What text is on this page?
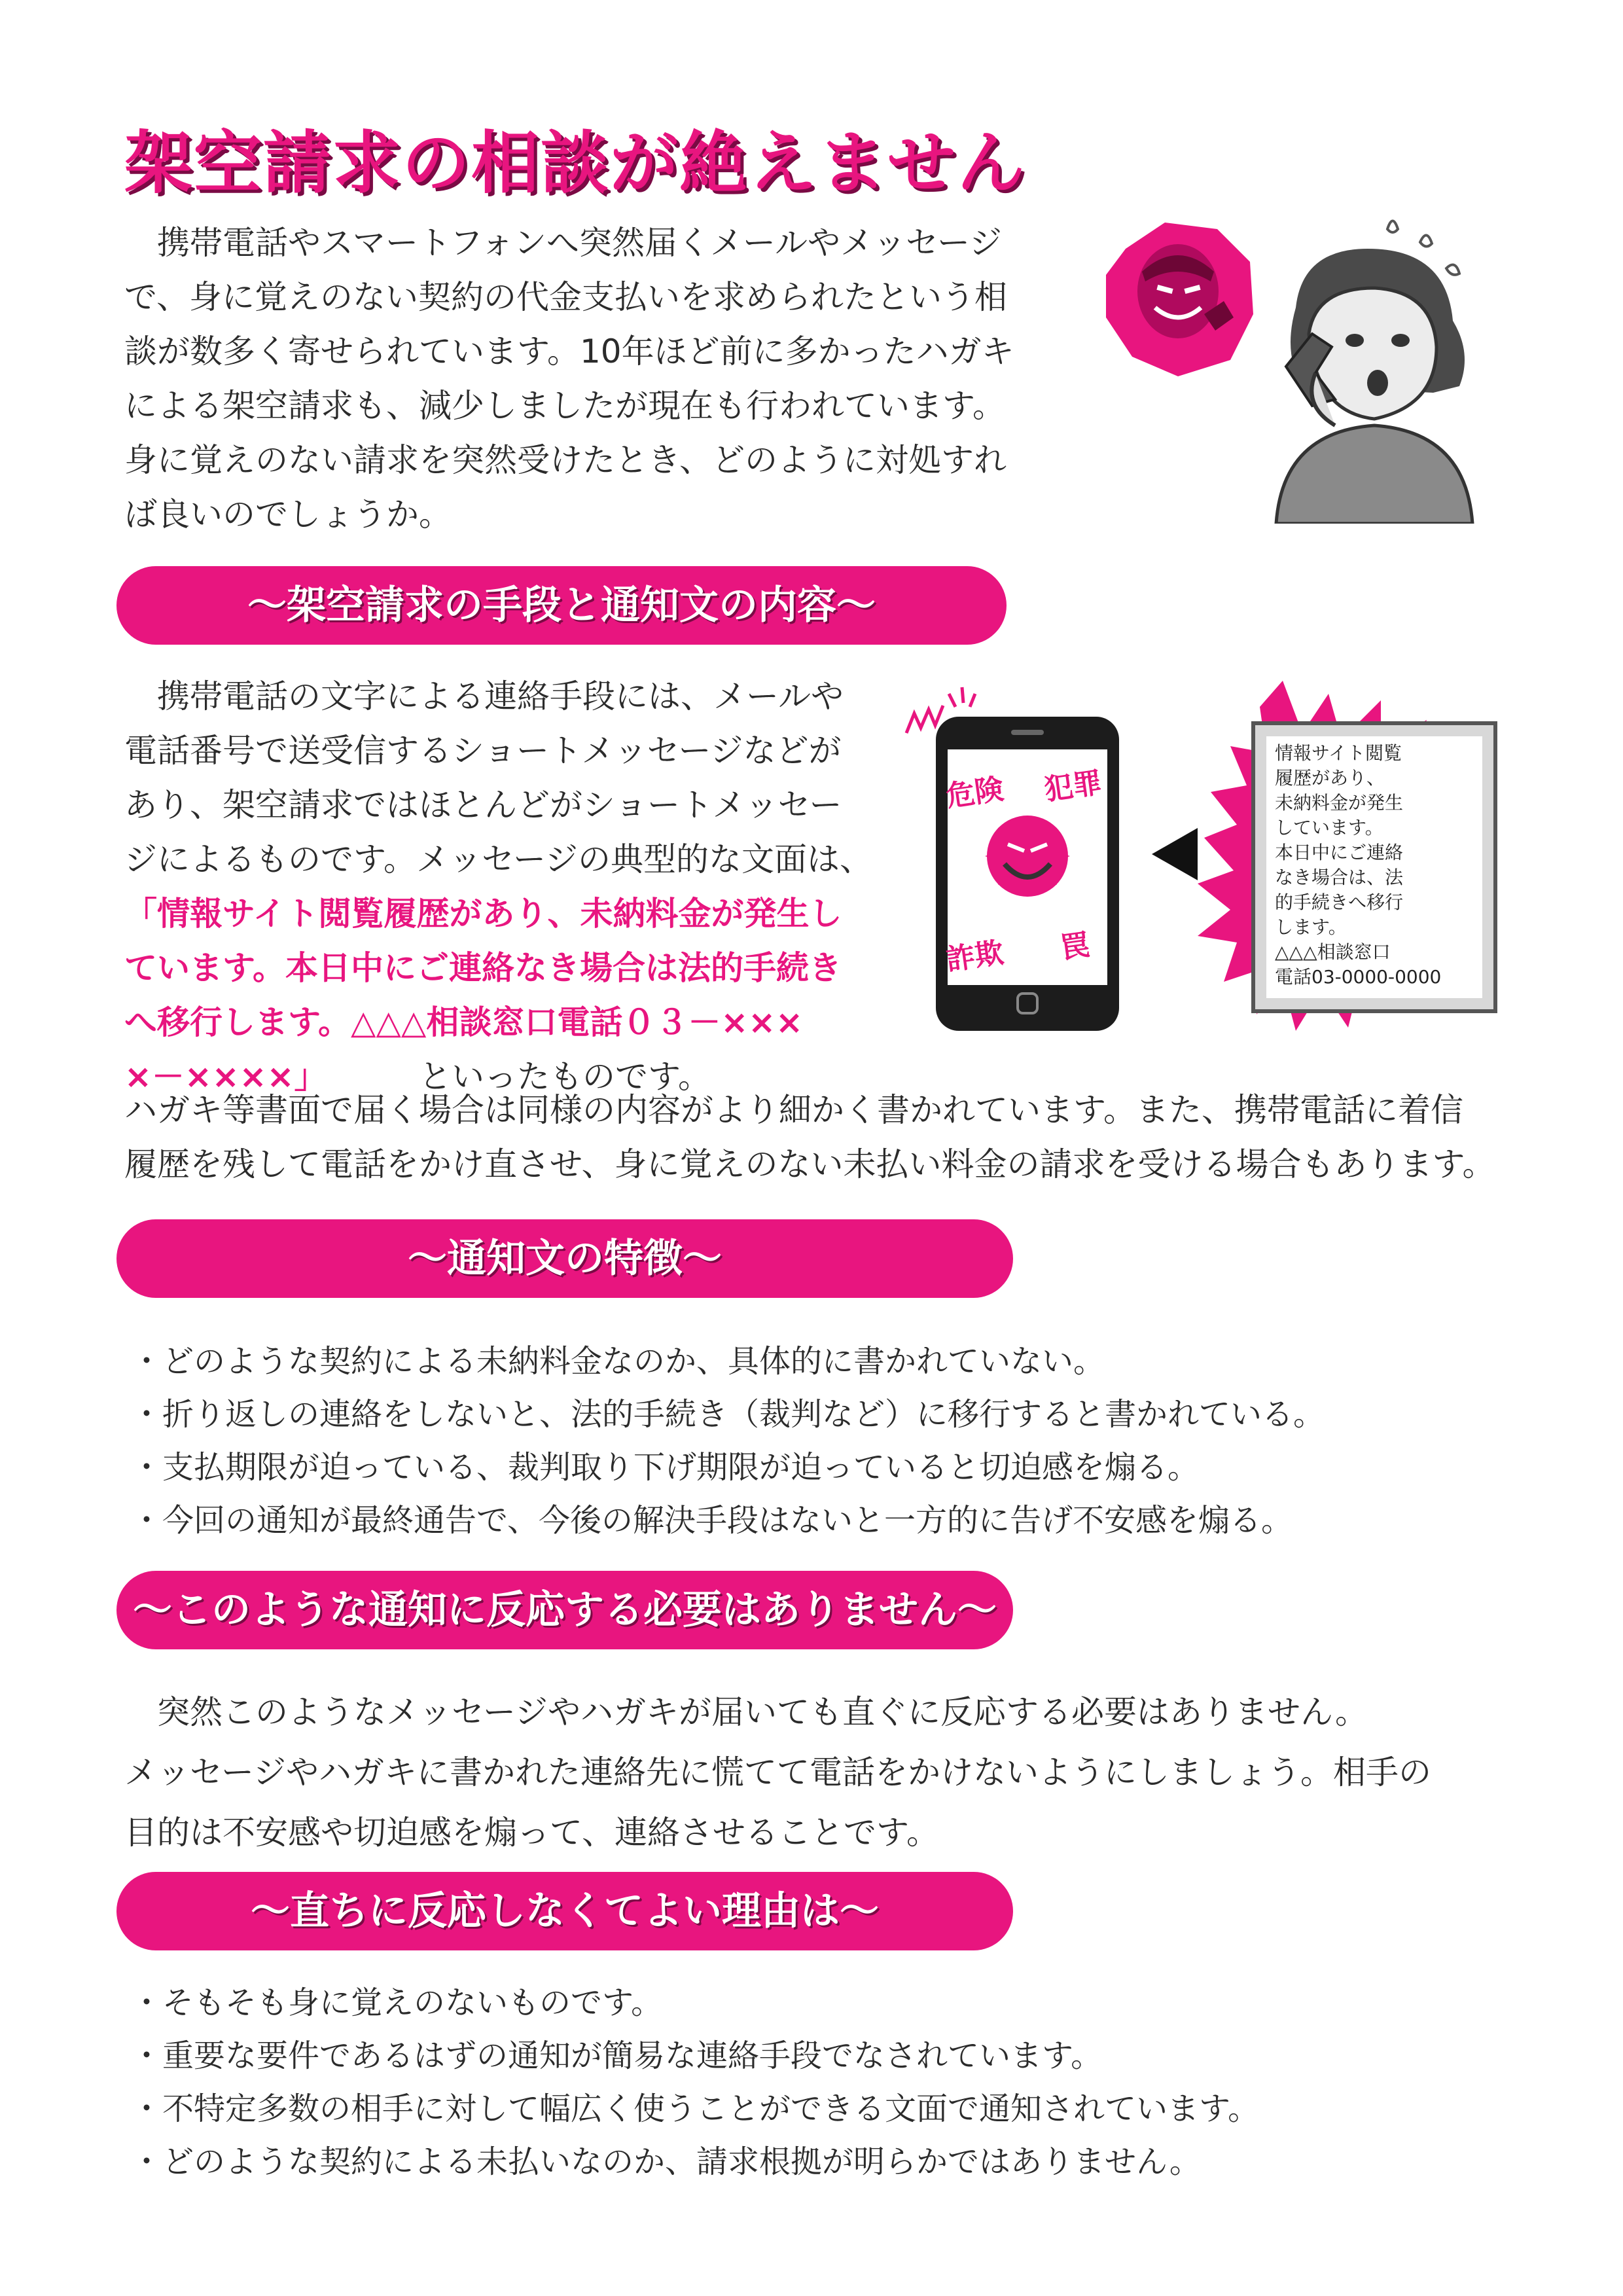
架空請求の相談が絶えません

　携帯電話やスマートフォンへ突然届くメールやメッセージ
で、身に覚えのない契約の代金支払いを求められたという相
談が数多く寄せられています。10年ほど前に多かったハガキ
による架空請求も、減少しましたが現在も行われています。
身に覚えのない請求を突然受けたとき、どのように対処すれ
ば良いのでしょうか。

～架空請求の手段と通知文の内容～

　携帯電話の文字による連絡手段には、メールや
電話番号で送受信するショートメッセージなどが
あり、架空請求ではほとんどがショートメッセー
ジによるものです。メッセージの典型的な文面は、

「情報サイト閲覧履歴があり、未納料金が発生し
ています。本日中にご連絡なき場合は法的手続き
へ移行します。△△△相談窓口電話０３－×××
×－××××」	といったものです。

ハガキ等書面で届く場合は同様の内容がより細かく書かれています。また、携帯電話に着信
履歴を残して電話をかけ直させ、身に覚えのない未払い料金の請求を受ける場合もあります。

危険 犯罪
詐欺 罠

情報サイト閲覧
履歴があり、
未納料金が発生
しています。
本日中にご連絡
なき場合は、法
的手続きへ移行
します。
△△△相談窓口
電話03-0000-0000

～通知文の特徴～
・どのような契約による未納料金なのか、具体的に書かれていない。
・折り返しの連絡をしないと、法的手続き（裁判など）に移行すると書かれている。
・支払期限が迫っている、裁判取り下げ期限が迫っていると切迫感を煽る。
・今回の通知が最終通告で、今後の解決手段はないと一方的に告げ不安感を煽る。
～このような通知に反応する必要はありません～

　突然このようなメッセージやハガキが届いても直ぐに反応する必要はありません。
メッセージやハガキに書かれた連絡先に慌てて電話をかけないようにしましょう。相手の
目的は不安感や切迫感を煽って、連絡させることです。

～直ちに反応しなくてよい理由は～
・そもそも身に覚えのないものです。
・重要な要件であるはずの通知が簡易な連絡手段でなされています。
・不特定多数の相手に対して幅広く使うことができる文面で通知されています。
・どのような契約による未払いなのか、請求根拠が明らかではありません。
